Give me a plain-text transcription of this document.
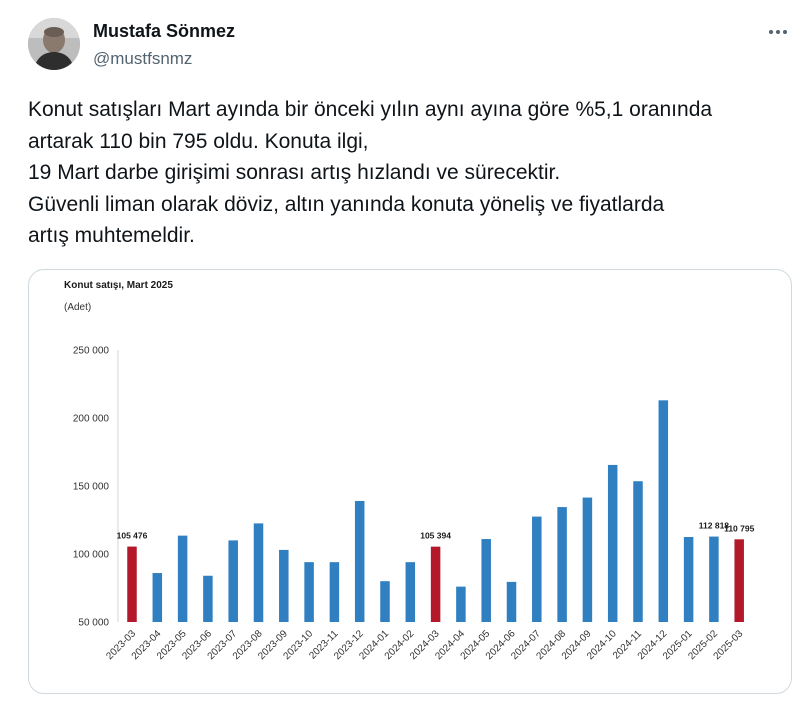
Mustafa Sönmez
@mustfsnmz
Konut satışları Mart ayında bir önceki yılın aynı ayına göre %5,1 oranında
artarak 110 bin 795 oldu. Konuta ilgi,
19 Mart darbe girişimi sonrası artış hızlandı ve sürecektir.
Güvenli liman olarak döviz, altın yanında konuta yöneliş ve fiyatlarda
artış muhtemeldir.
Konut satışı, Mart 2025
(Adet)
50 000
100 000
150 000
200 000
250 000
2023-03
2023-04
2023-05
2023-06
2023-07
2023-08
2023-09
2023-10
2023-11
2023-12
2024-01
2024-02
2024-03
2024-04
2024-05
2024-06
2024-07
2024-08
2024-09
2024-10
2024-11
2024-12
2025-01
2025-02
2025-03
105 476	105 394
112 818
110 795
